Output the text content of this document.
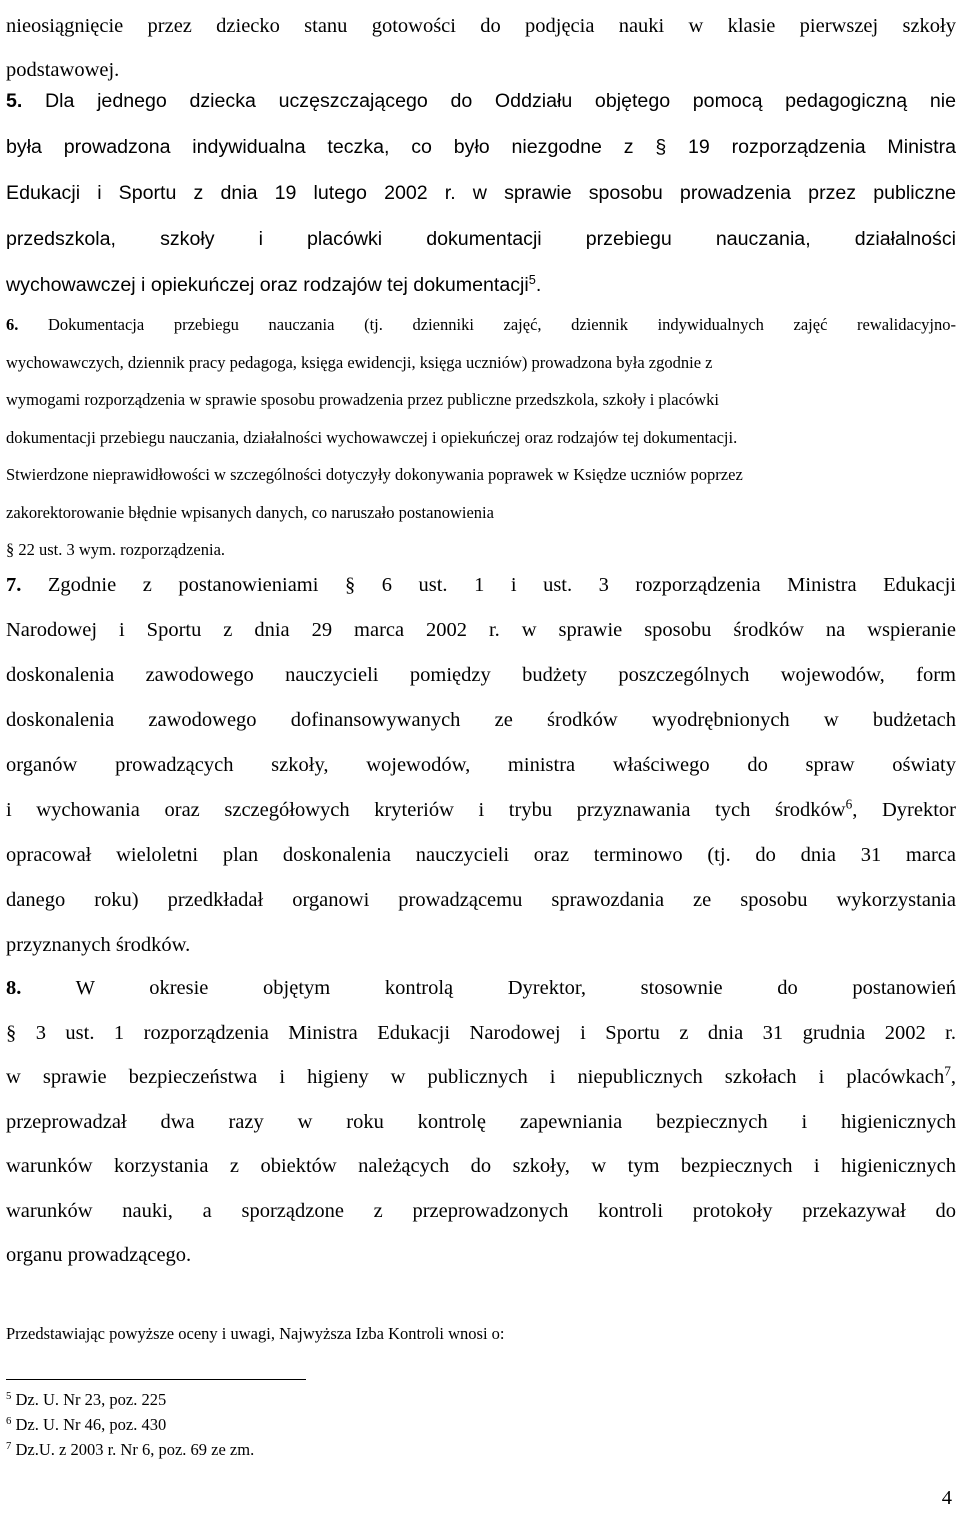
nieosiągnięcie przez dziecko stanu gotowości do podjęcia nauki w klasie pierwszej szkoły
podstawowej.
5. Dla jednego dziecka uczęszczającego do Oddziału objętego pomocą pedagogiczną nie
była prowadzona indywidualna teczka, co było niezgodne z § 19 rozporządzenia Ministra
Edukacji i Sportu z dnia 19 lutego 2002 r. w sprawie sposobu prowadzenia przez publiczne
przedszkola, szkoły i placówki dokumentacji przebiegu nauczania, działalności
wychowawczej i opiekuńczej oraz rodzajów tej dokumentacji$^5$.
6. Dokumentacja przebiegu nauczania (tj. dzienniki zajęć, dziennik indywidualnych zajęć rewalidacyjno-
wychowawczych, dziennik pracy pedagoga, księga ewidencji, księga uczniów) prowadzona była zgodnie z
wymogami rozporządzenia w sprawie sposobu prowadzenia przez publiczne przedszkola, szkoły i placówki
dokumentacji przebiegu nauczania, działalności wychowawczej i opiekuńczej oraz rodzajów tej dokumentacji.
Stwierdzone nieprawidłowości w szczególności dotyczyły dokonywania poprawek w Księdze uczniów poprzez
zakorektorowanie błędnie wpisanych danych, co naruszało postanowienia
§ 22 ust. 3 wym. rozporządzenia.
7. Zgodnie z postanowieniami § 6 ust. 1 i ust. 3 rozporządzenia Ministra Edukacji
Narodowej i Sportu z dnia 29 marca 2002 r. w sprawie sposobu środków na wspieranie
doskonalenia zawodowego nauczycieli pomiędzy budżety poszczególnych wojewodów, form
doskonalenia zawodowego dofinansowywanych ze środków wyodrębnionych w budżetach
organów prowadzących szkoły, wojewodów, ministra właściwego do spraw oświaty
i wychowania oraz szczegółowych kryteriów i trybu przyznawania tych środków$^6$, Dyrektor
opracował wieloletni plan doskonalenia nauczycieli oraz terminowo (tj. do dnia 31 marca
danego roku) przedkładał organowi prowadzącemu sprawozdania ze sposobu wykorzystania
przyznanych środków.
8.	W okresie objętym kontrolą Dyrektor, stosownie do postanowień
§ 3 ust. 1 rozporządzenia Ministra Edukacji Narodowej i Sportu z dnia 31 grudnia 2002 r.
w sprawie bezpieczeństwa i higieny w publicznych i niepublicznych szkołach i placówkach$^7$,
przeprowadzał dwa razy w roku kontrolę zapewniania bezpiecznych i higienicznych
warunków korzystania z obiektów należących do szkoły, w tym bezpiecznych i higienicznych
warunków nauki, a sporządzone z przeprowadzonych kontroli protokoły przekazywał do
organu prowadzącego.
Przedstawiając powyższe oceny i uwagi, Najwyższa Izba Kontroli wnosi o:
$^5$ Dz. U. Nr 23, poz. 225
$^6$ Dz. U. Nr 46, poz. 430
$^7$ Dz.U. z 2003 r. Nr 6, poz. 69 ze zm.
4
